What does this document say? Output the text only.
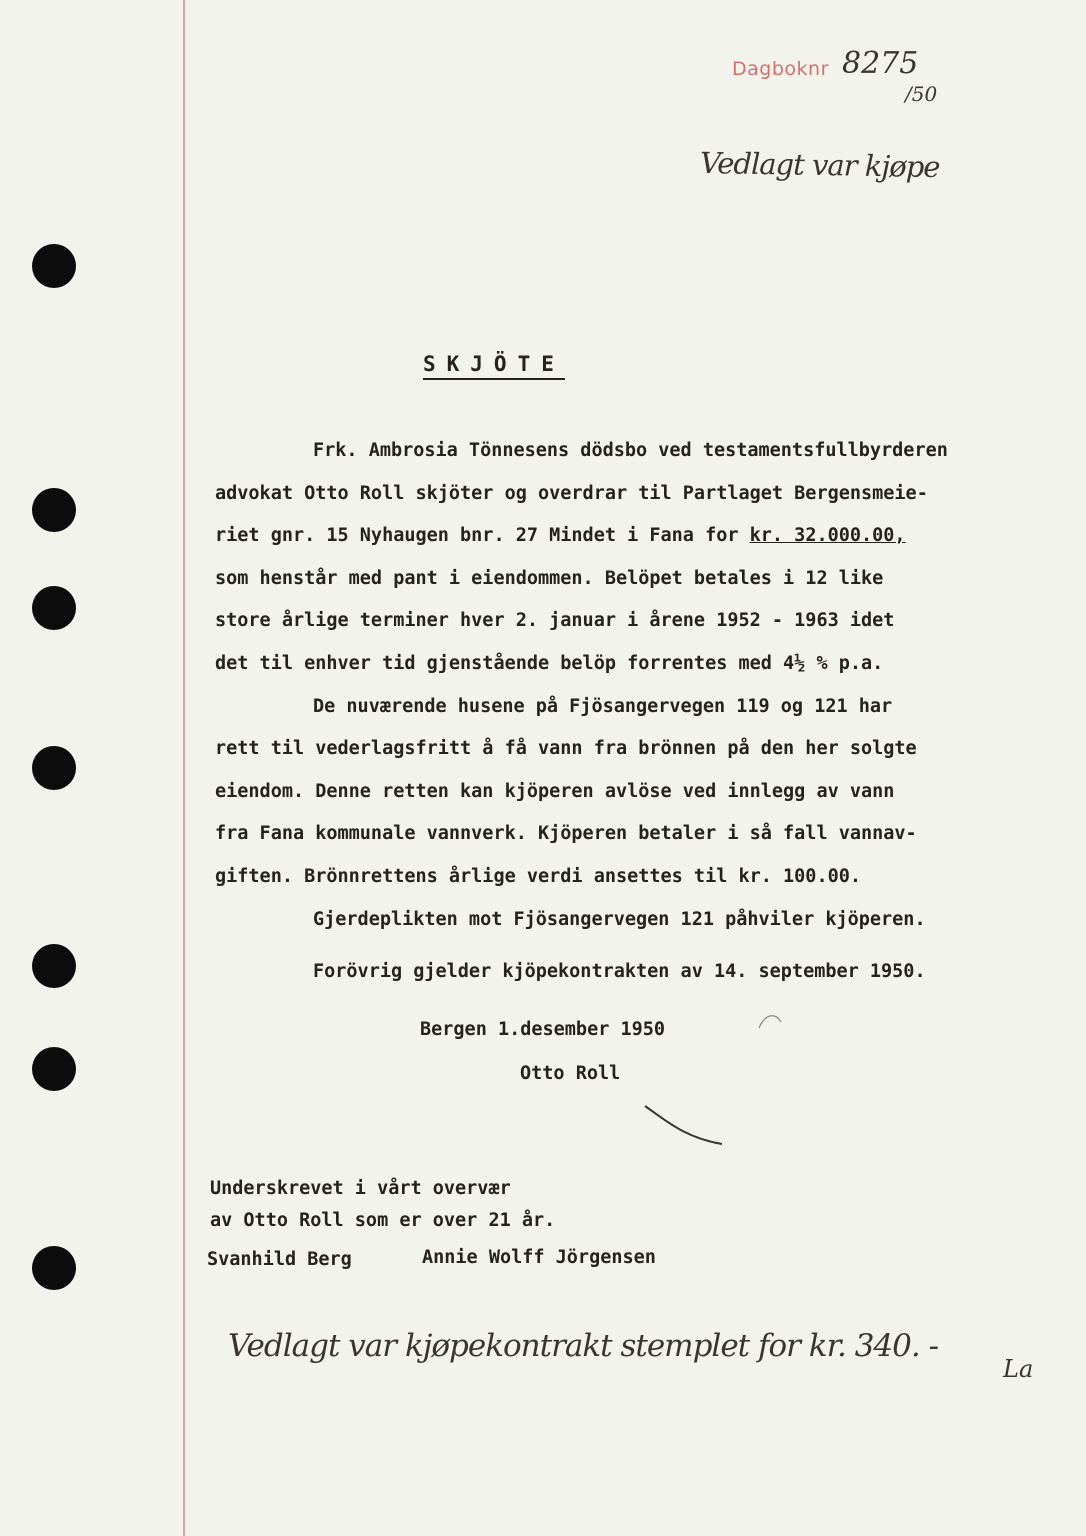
Dagboknr 8275
/50
Vedlagt var kjøpe
SKJÖTE

Frk. Ambrosia Tönnesens dödsbo ved testamentsfullbyrderen

advokat Otto Roll skjöter og overdrar til Partlaget Bergensmeie-

riet gnr. 15 Nyhaugen bnr. 27 Mindet i Fana for kr. 32.000.00,

som henstår med pant i eiendommen. Belöpet betales i 12 like

store årlige terminer hver 2. januar i årene 1952 - 1963 idet

det til enhver tid gjenstående belöp forrentes med 4½ % p.a.

De nuværende husene på Fjösangervegen 119 og 121 har

rett til vederlagsfritt å få vann fra brönnen på den her solgte

eiendom. Denne retten kan kjöperen avlöse ved innlegg av vann

fra Fana kommunale vannverk. Kjöperen betaler i så fall vannav-

giften. Brönnrettens årlige verdi ansettes til kr. 100.00.

Gjerdeplikten mot Fjösangervegen 121 påhviler kjöperen.

Forövrig gjelder kjöpekontrakten av 14. september 1950.

Bergen 1.desember 1950
Otto Roll
Underskrevet i vårt overvær
av Otto Roll som er over 21 år.
Svanhild Berg	Annie Wolff Jörgensen
Vedlagt var kjøpekontrakt stemplet for kr. 340. -
La
